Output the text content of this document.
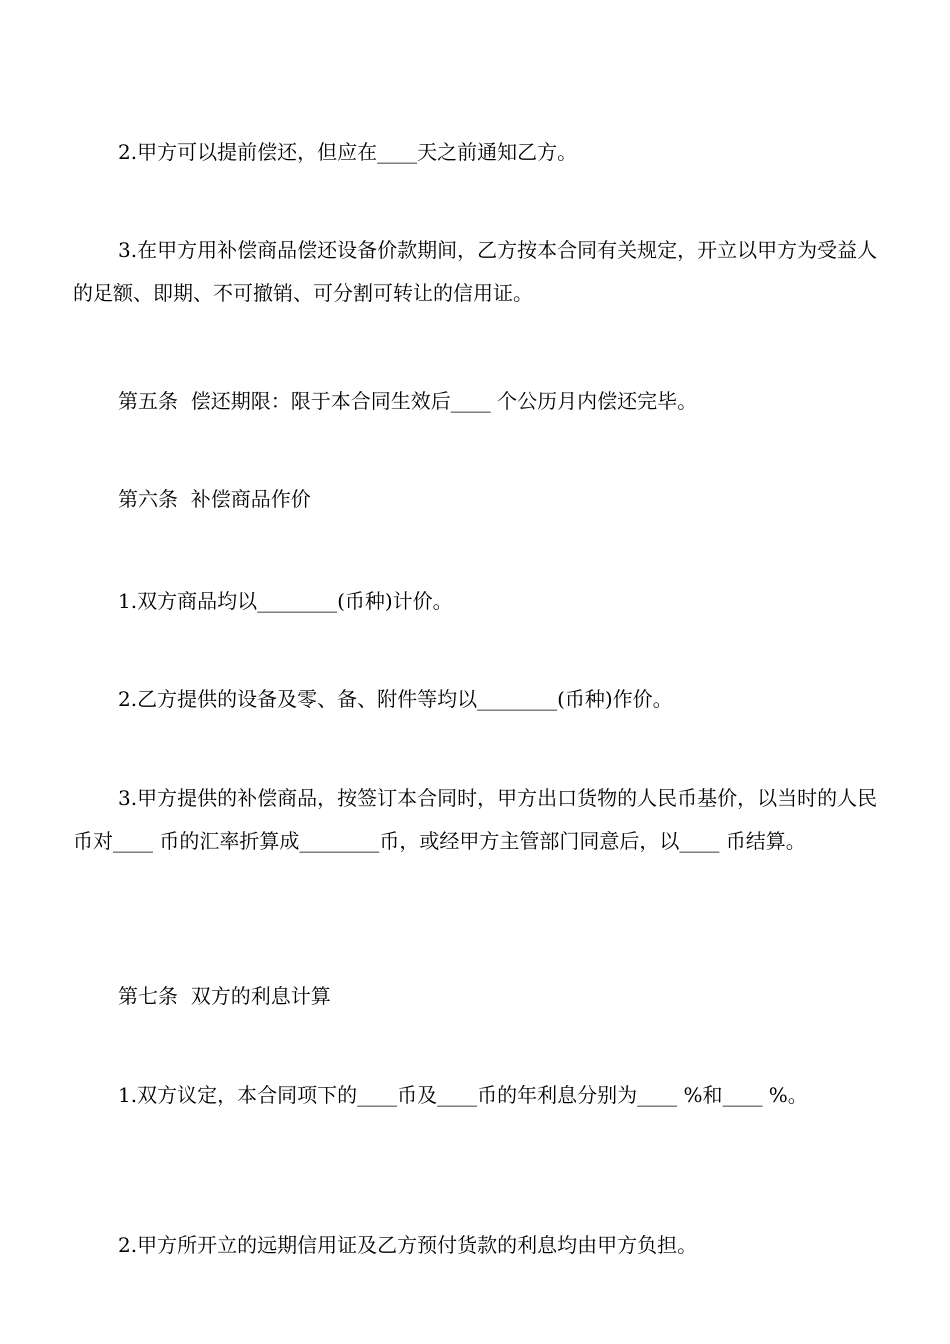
2.甲方可以提前偿还，但应在____天之前通知乙方。

3.在甲方用补偿商品偿还设备价款期间，乙方按本合同有关规定，开立以甲方为受益人的足额、即期、不可撤销、可分割可转让的信用证。

第五条  偿还期限：限于本合同生效后____ 个公历月内偿还完毕。

第六条  补偿商品作价

1.双方商品均以________(币种)计价。

2.乙方提供的设备及零、备、附件等均以________(币种)作价。

3.甲方提供的补偿商品，按签订本合同时，甲方出口货物的人民币基价，以当时的人民币对____ 币的汇率折算成________币，或经甲方主管部门同意后，以____ 币结算。

第七条  双方的利息计算

1.双方议定，本合同项下的____币及____币的年利息分别为____ %和____ %。

2.甲方所开立的远期信用证及乙方预付货款的利息均由甲方负担。
